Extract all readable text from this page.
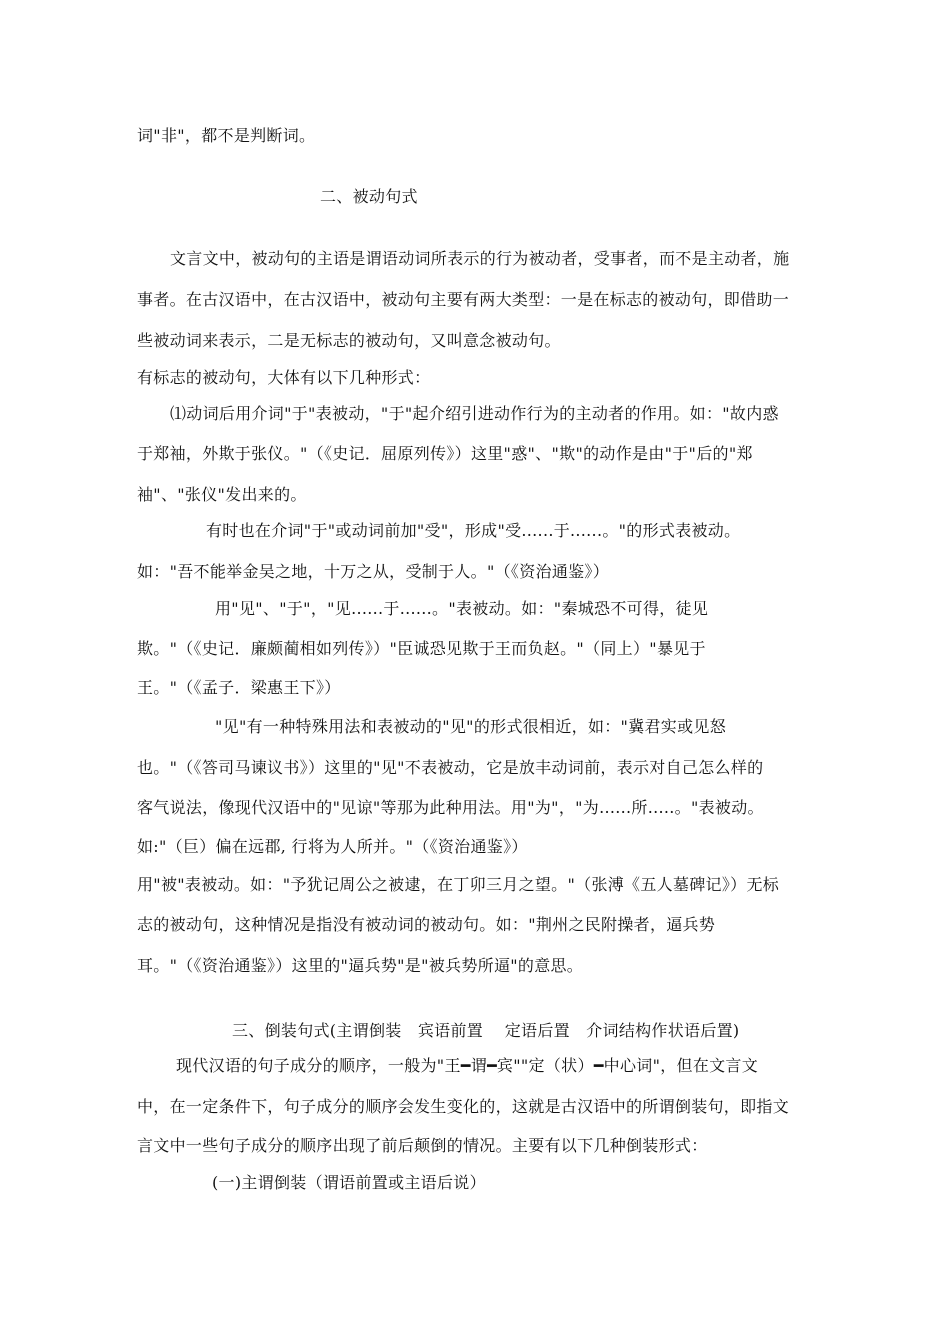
词"非"，都不是判断词。
二、被动句式
文言文中，被动句的主语是谓语动词所表示的行为被动者，受事者，而不是主动者，施
事者。在古汉语中，在古汉语中，被动句主要有两大类型：一是在标志的被动句，即借助一
些被动词来表示，二是无标志的被动句，又叫意念被动句。
有标志的被动句，大体有以下几种形式：
⑴动词后用介词"于"表被动，"于"起介绍引进动作行为的主动者的作用。如："故内惑
于郑袖，外欺于张仪。"（《史记．屈原列传》）这里"惑"、"欺"的动作是由"于"后的"郑
袖"、"张仪"发出来的。
有时也在介词"于"或动词前加"受"，形成"受......于......。"的形式表被动。
如："吾不能举金吴之地，十万之从，受制于人。"（《资治通鉴》）
用"见"、"于"，"见......于......。"表被动。如："秦城恐不可得，徒见
欺。"（《史记．廉颇蔺相如列传》）"臣诚恐见欺于王而负赵。"（同上）"暴见于
王。"（《孟子．梁惠王下》）
"见"有一种特殊用法和表被动的"见"的形式很相近，如："冀君实或见怒
也。"（《答司马谏议书》）这里的"见"不表被动，它是放丰动词前，表示对自己怎么样的
客气说法，像现代汉语中的"见谅"等那为此种用法。用"为"，"为......所.....。"表被动。
如:"（巨）偏在远郡, 行将为人所并。"（《资治通鉴》）
用"被"表被动。如："予犹记周公之被逮，在丁卯三月之望。"（张溥《五人墓碑记》）无标
志的被动句，这种情况是指没有被动词的被动句。如："荆州之民附操者，逼兵势
耳。"（《资治通鉴》）这里的"逼兵势"是"被兵势所逼"的意思。
三、倒装句式(主谓倒装　宾语前置　 定语后置　介词结构作状语后置)
现代汉语的句子成分的顺序，一般为"王━谓━宾""定（状）━中心词"，但在文言文
中，在一定条件下，句子成分的顺序会发生变化的，这就是古汉语中的所谓倒装句，即指文
言文中一些句子成分的顺序出现了前后颠倒的情况。主要有以下几种倒装形式：
(一)主谓倒装（谓语前置或主语后说）
